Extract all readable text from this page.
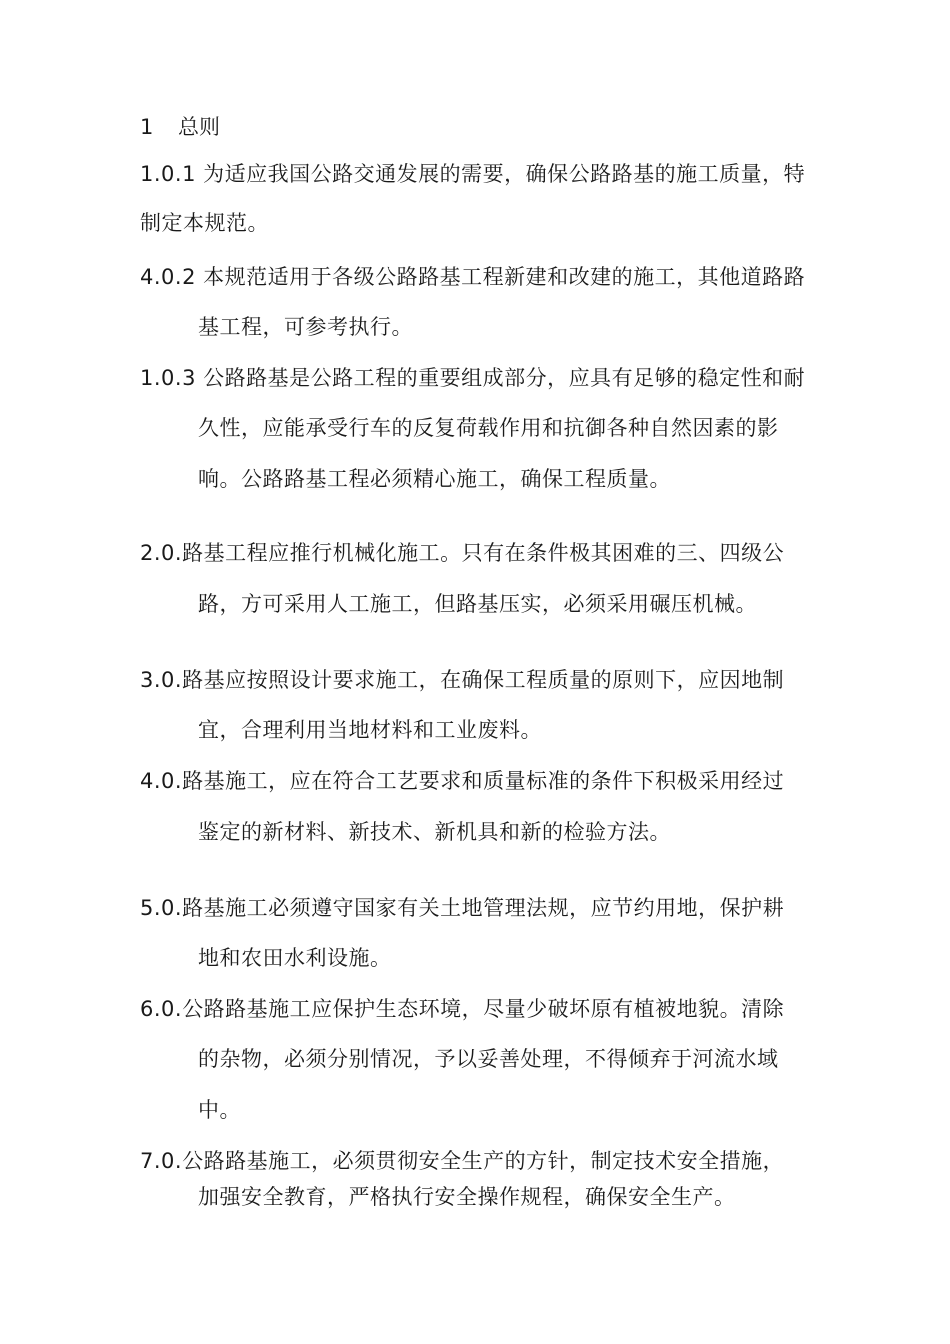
1 总则
1.0.1 为适应我国公路交通发展的需要，确保公路路基的施工质量，特
制定本规范。
4.0.2 本规范适用于各级公路路基工程新建和改建的施工，其他道路路
基工程，可参考执行。
1.0.3 公路路基是公路工程的重要组成部分，应具有足够的稳定性和耐
久性，应能承受行车的反复荷载作用和抗御各种自然因素的影
响。公路路基工程必须精心施工，确保工程质量。
2.0.路基工程应推行机械化施工。只有在条件极其困难的三、四级公
路，方可采用人工施工，但路基压实，必须采用碾压机械。
3.0.路基应按照设计要求施工，在确保工程质量的原则下，应因地制
宜，合理利用当地材料和工业废料。
4.0.路基施工，应在符合工艺要求和质量标准的条件下积极采用经过
鉴定的新材料、新技术、新机具和新的检验方法。
5.0.路基施工必须遵守国家有关土地管理法规，应节约用地，保护耕
地和农田水利设施。
6.0.公路路基施工应保护生态环境，尽量少破坏原有植被地貌。清除
的杂物，必须分别情况，予以妥善处理，不得倾弃于河流水域
中。
7.0.公路路基施工，必须贯彻安全生产的方针，制定技术安全措施，
加强安全教育，严格执行安全操作规程，确保安全生产。
